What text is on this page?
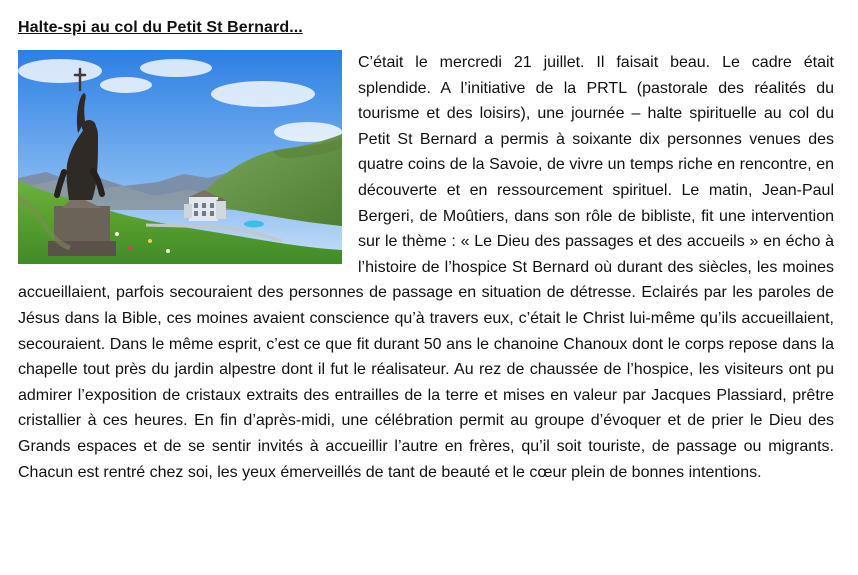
Halte-spi au col du Petit St Bernard...

C’était le mercredi 21 juillet. Il faisait beau. Le cadre était splendide. A l’initiative de la PRTL (pastorale des réalités du tourisme et des loisirs), une journée – halte spirituelle au col du Petit St Bernard a permis à soixante dix personnes venues des quatre coins de la Savoie, de vivre un temps riche en rencontre, en découverte et en ressourcement spirituel. Le matin, Jean-Paul Bergeri, de Moûtiers, dans son rôle de bibliste, fit une intervention sur le thème : « Le Dieu des passages et des accueils » en écho à l’histoire de l’hospice St Bernard où durant des siècles, les moines accueillaient, parfois secouraient des personnes de passage en situation de détresse. Eclairés par les paroles de Jésus dans la Bible, ces moines avaient conscience qu’à travers eux, c’était le Christ lui-même qu’ils accueillaient, secouraient. Dans le même esprit, c’est ce que fit durant 50 ans le chanoine Chanoux dont le corps repose dans la chapelle tout près du jardin alpestre dont il fut le réalisateur. Au rez de chaussée de l’hospice, les visiteurs ont pu admirer l’exposition de cristaux extraits des entrailles de la terre et mises en valeur par Jacques Plassiard, prêtre cristallier à ces heures. En fin d’après-midi, une célébration permit au groupe d’évoquer et de prier le Dieu des Grands espaces et de se sentir invités à accueillir l’autre en frères, qu’il soit touriste, de passage ou migrants. Chacun est rentré chez soi, les yeux émerveillés de tant de beauté et le cœur plein de bonnes intentions.
